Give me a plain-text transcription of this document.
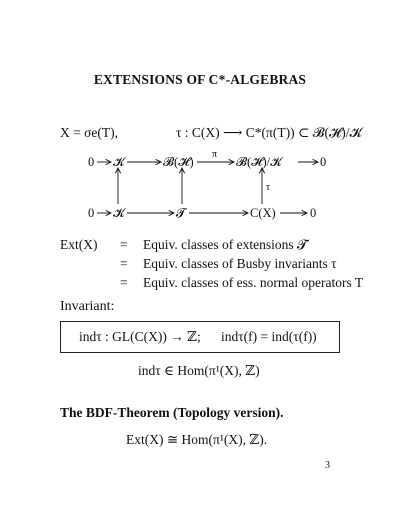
EXTENSIONS OF C*-ALGEBRAS
X = σe(T),	τ : C(X) ⟶ C*(π(T)) ⊂ 𝓑(𝓗)/𝓚
0 𝓚	𝓑(𝓗)	𝓑(𝓗)/𝓚	0
π
0 𝓚	𝓣	C(X)	0
τ
Ext(X) = Equiv. classes of extensions 𝓣
= Equiv. classes of Busby invariants τ
= Equiv. classes of ess. normal operators T
Invariant:
indτ : GL(C(X)) → ℤ; indτ(f) = ind(τ(f))
indτ ∈ Hom(π¹(X), ℤ)
The BDF-Theorem (Topology version).
Ext(X) ≅ Hom(π¹(X), ℤ).
3
